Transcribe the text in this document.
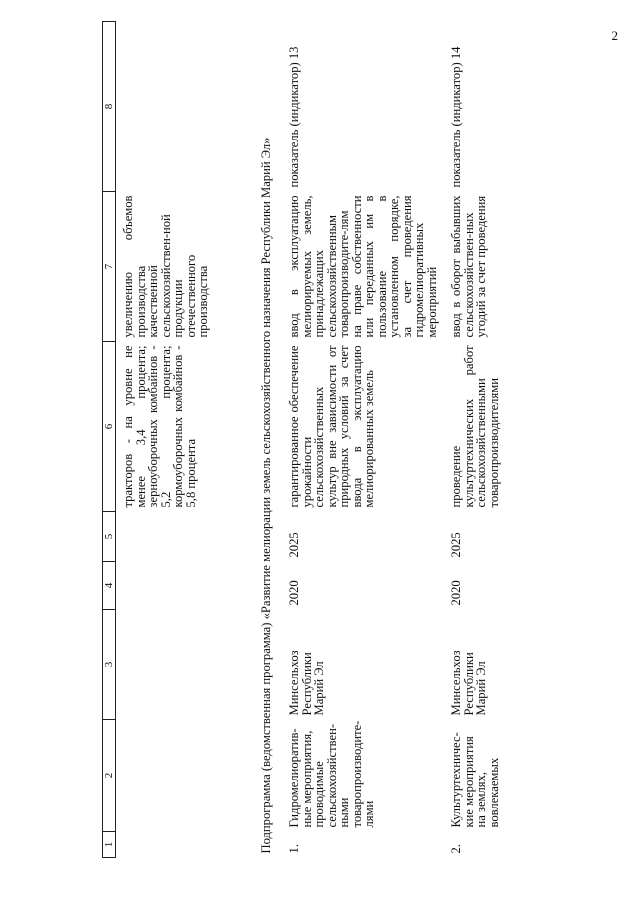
2
1	2	3	4	5	6	7	8
					тракторов - на уровне не менее 3,4 процента; зерноуборочных комбайнов - 5,2 процента; кормоуборочных комбайнов - 5,8 процента	увеличению объемов производства качественной сельскохозяйствен-ной продукции отечественного производства	
Подпрограмма (ведомственная программа) «Развитие мелиорации земель сельскохозяйственного назначения Республики Марий Эл»							
1.	Гидромелиоратив-ные мероприятия, проводимые сельскохозяйствен-ными товаропроизводите-лями	Минсельхоз Республики Марий Эл	2020	2025	гарантированное обеспечение урожайности сельскохозяйственных культур вне зависимости от природных условий за счет ввода в эксплуатацию мелиорированных земель	ввод в эксплуатацию мелиорируемых земель, принадлежащих сельскохозяйственным товаропроизводите-лям на праве собственности или переданных им в пользование в установленном порядке, за счет проведения гидромелиоративных мероприятий	показатель (индикатор) 13
2.	Культуртехничес-кие мероприятия на землях, вовлекаемых	Минсельхоз Республики Марий Эл	2020	2025	проведение культуртехнических работ сельскохозяйственными товаропроизводителями	ввод в оборот выбывших сельскохозяйствен-ных угодий за счет проведения	показатель (индикатор) 14
